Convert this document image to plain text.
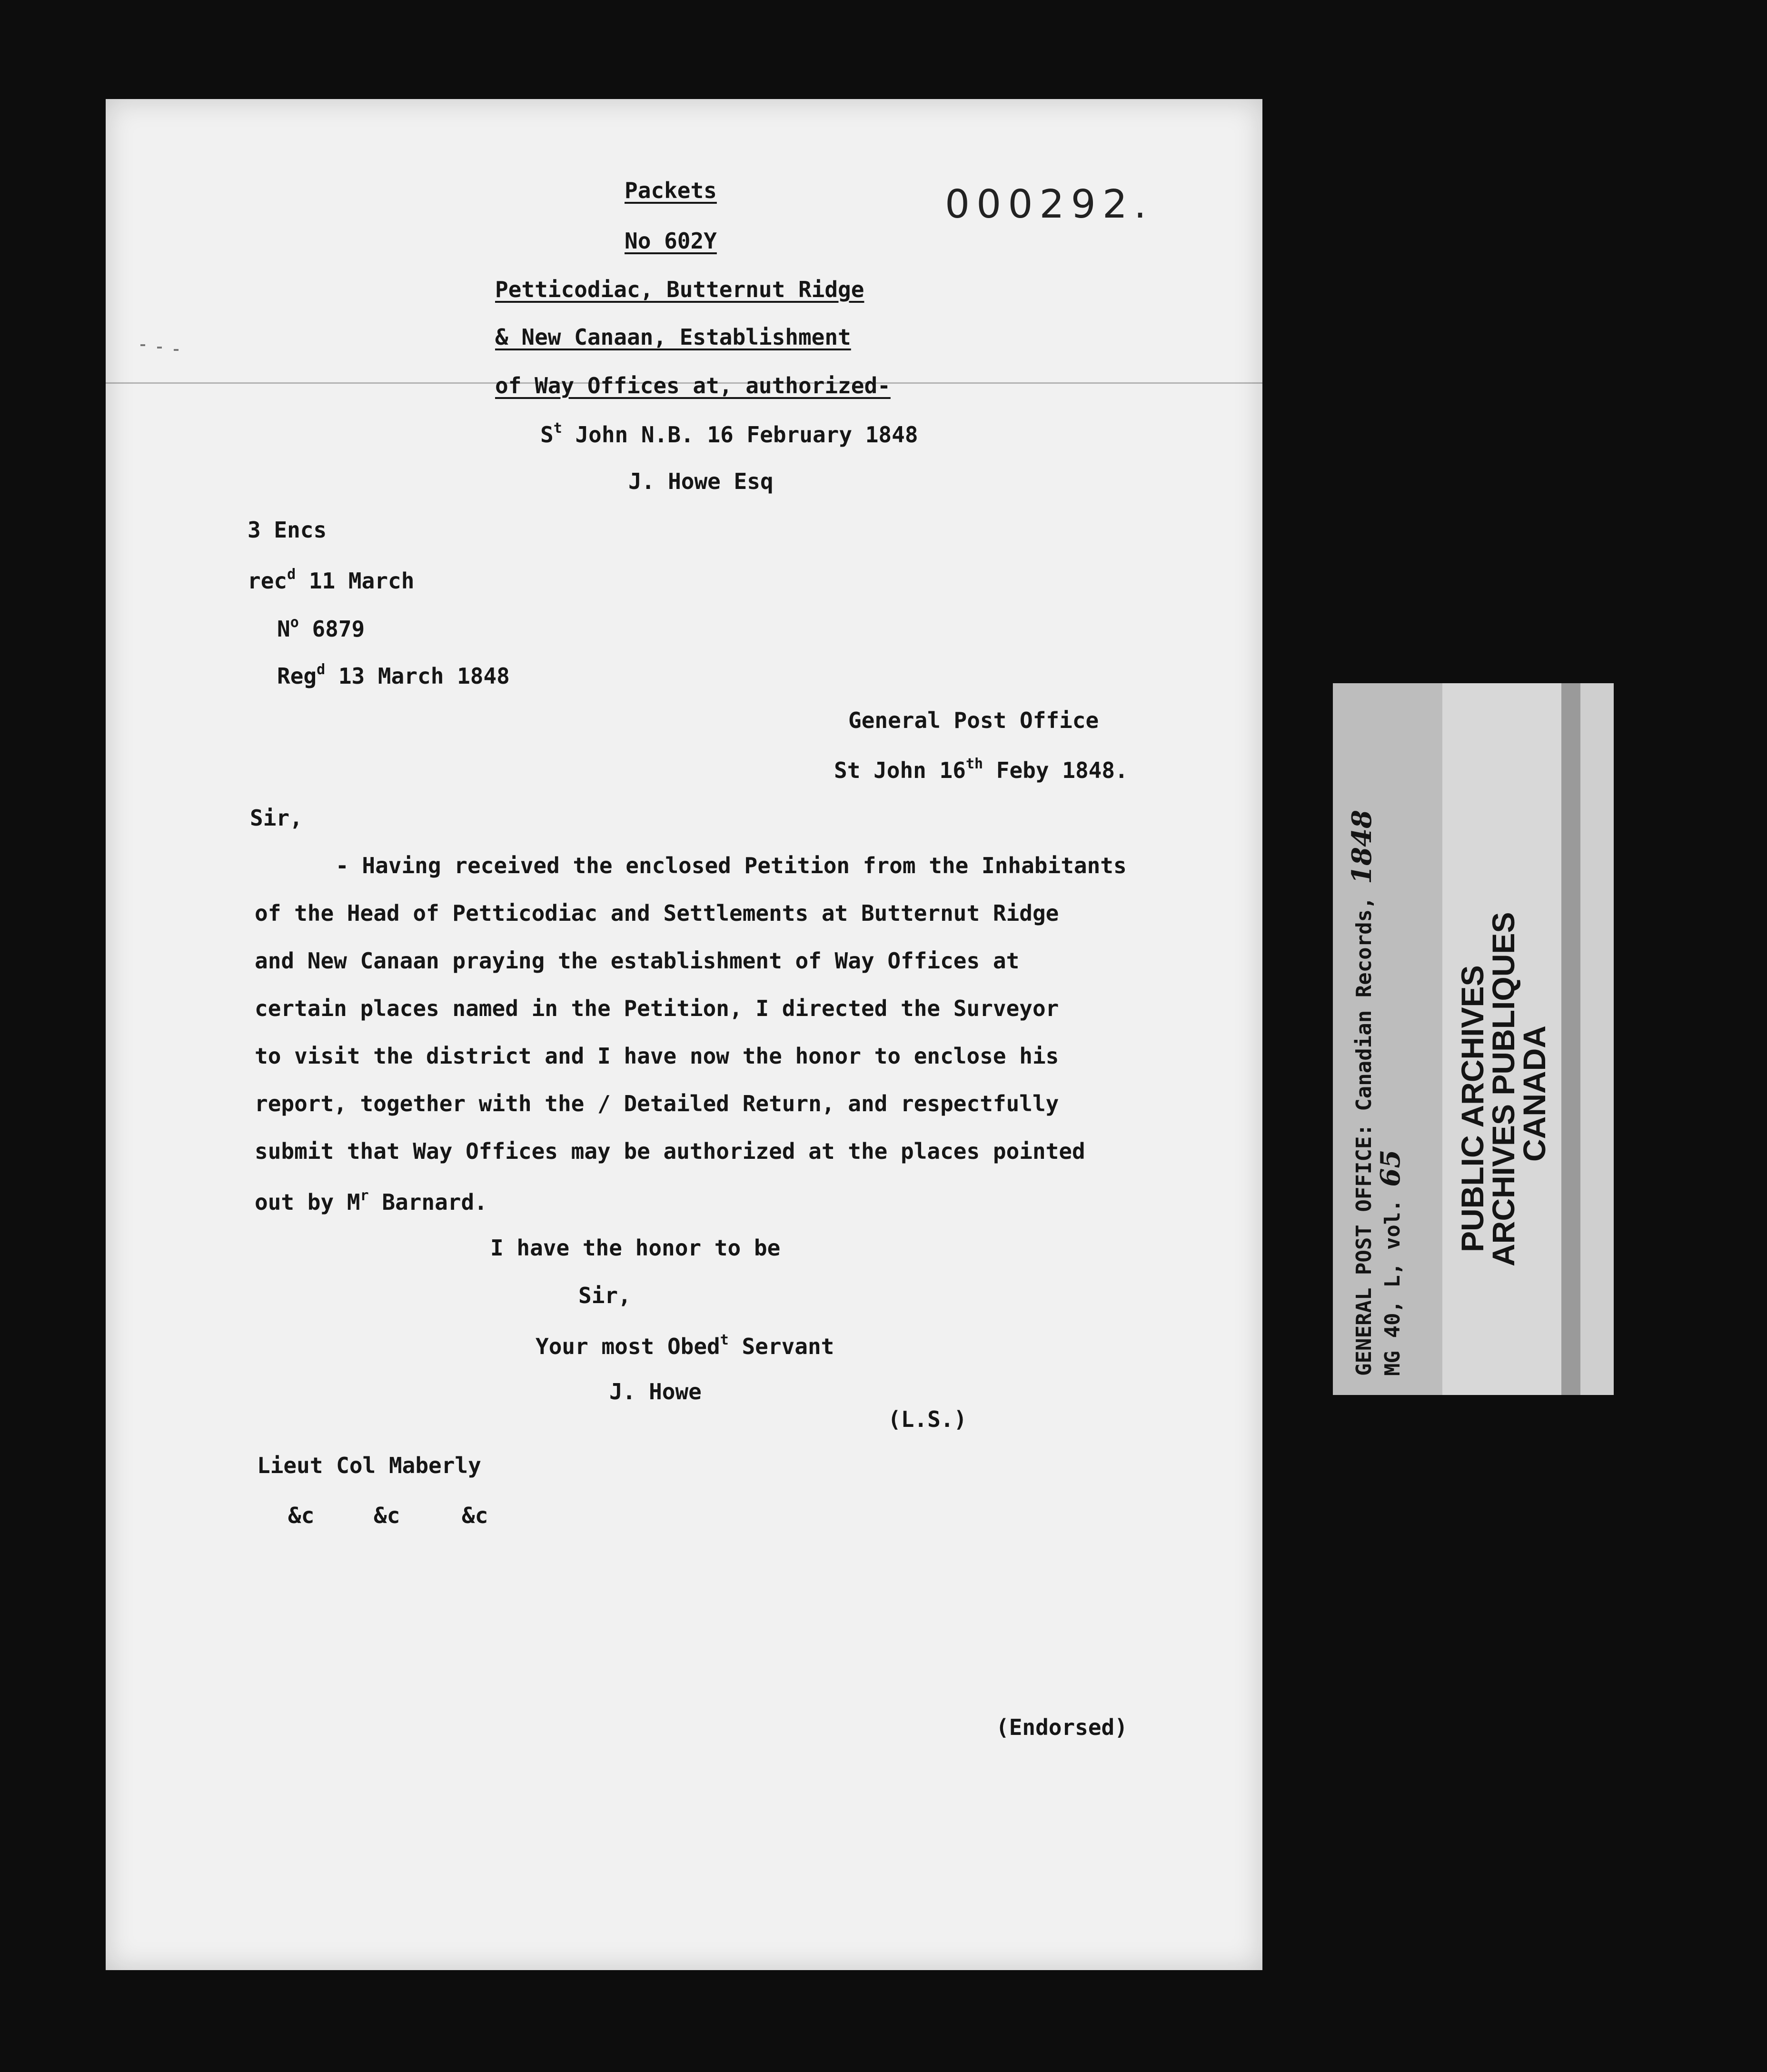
000292.
Packets
No 602Y
Petticodiac, Butternut Ridge
& New Canaan, Establishment
of Way Offices at, authorized-
$S^t$ John N.B. 16 February 1848
J. Howe Esq
3 Encs
rec$^d$ 11 March
$N^o$ 6879
Reg$^d$ 13 March 1848
General Post Office
St John 16th Feby 1848.
Sir,
- Having received the enclosed Petition from the Inhabitants
of the Head of Petticodiac and Settlements at Butternut Ridge
and New Canaan praying the establishment of Way Offices at
certain places named in the Petition, I directed the Surveyor
to visit the district and I have now the honor to enclose his
report, together with the / Detailed Return, and respectfully
submit that Way Offices may be authorized at the places pointed
out by $M^r$ Barnard.
I have the honor to be
Sir,
Your most Obed$^t$ Servant
J. Howe
(L.S.)
Lieut Col Maberly
&c	&c	&c
(Endorsed)
GENERAL POST OFFICE: Canadian Records, 1848
MG 40, L, vol. 65 PUBLIC ARCHIVES
ARCHIVES PUBLIQUES
CANADA
